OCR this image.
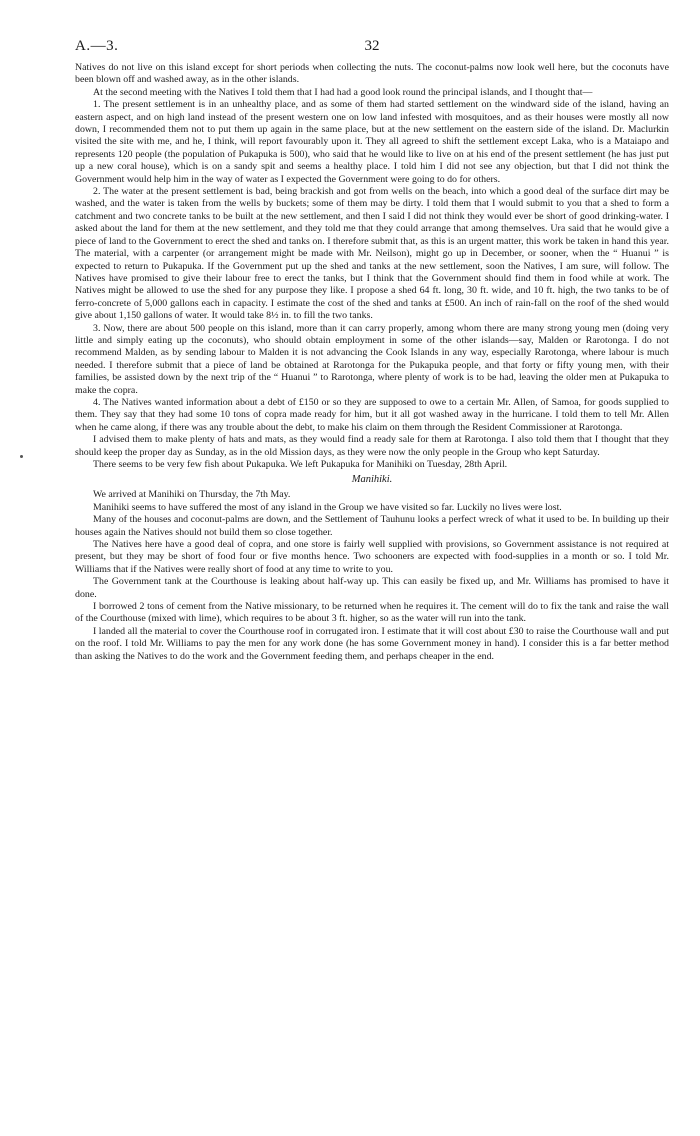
32
A.—3.

Natives do not live on this island except for short periods when collecting the nuts. The coconut-palms now look well here, but the coconuts have been blown off and washed away, as in the other islands.

At the second meeting with the Natives I told them that I had had a good look round the principal islands, and I thought that—

1. The present settlement is in an unhealthy place, and as some of them had started settlement on the windward side of the island, having an eastern aspect, and on high land instead of the present western one on low land infested with mosquitoes, and as their houses were mostly all now down, I recommended them not to put them up again in the same place, but at the new settlement on the eastern side of the island. Dr. Maclurkin visited the site with me, and he, I think, will report favourably upon it. They all agreed to shift the settlement except Laka, who is a Mataiapo and represents 120 people (the population of Pukapuka is 500), who said that he would like to live on at his end of the present settlement (he has just put up a new coral house), which is on a sandy spit and seems a healthy place. I told him I did not see any objection, but that I did not think the Government would help him in the way of water as I expected the Government were going to do for others.

2. The water at the present settlement is bad, being brackish and got from wells on the beach, into which a good deal of the surface dirt may be washed, and the water is taken from the wells by buckets; some of them may be dirty. I told them that I would submit to you that a shed to form a catchment and two concrete tanks to be built at the new settlement, and then I said I did not think they would ever be short of good drinking-water. I asked about the land for them at the new settlement, and they told me that they could arrange that among themselves. Ura said that he would give a piece of land to the Government to erect the shed and tanks on. I therefore submit that, as this is an urgent matter, this work be taken in hand this year. The material, with a carpenter (or arrangement might be made with Mr. Neilson), might go up in December, or sooner, when the “ Huanui ” is expected to return to Pukapuka. If the Government put up the shed and tanks at the new settlement, soon the Natives, I am sure, will follow. The Natives have promised to give their labour free to erect the tanks, but I think that the Government should find them in food while at work. The Natives might be allowed to use the shed for any purpose they like. I propose a shed 64 ft. long, 30 ft. wide, and 10 ft. high, the two tanks to be of ferro-concrete of 5,000 gallons each in capacity. I estimate the cost of the shed and tanks at £500. An inch of rain-fall on the roof of the shed would give about 1,150 gallons of water. It would take 8½ in. to fill the two tanks.

3. Now, there are about 500 people on this island, more than it can carry properly, among whom there are many strong young men (doing very little and simply eating up the coconuts), who should obtain employment in some of the other islands—say, Malden or Rarotonga. I do not recommend Malden, as by sending labour to Malden it is not advancing the Cook Islands in any way, especially Rarotonga, where labour is much needed. I therefore submit that a piece of land be obtained at Rarotonga for the Pukapuka people, and that forty or fifty young men, with their families, be assisted down by the next trip of the “ Huanui ” to Rarotonga, where plenty of work is to be had, leaving the older men at Pukapuka to make the copra.

4. The Natives wanted information about a debt of £150 or so they are supposed to owe to a certain Mr. Allen, of Samoa, for goods supplied to them. They say that they had some 10 tons of copra made ready for him, but it all got washed away in the hurricane. I told them to tell Mr. Allen when he came along, if there was any trouble about the debt, to make his claim on them through the Resident Commissioner at Rarotonga.

I advised them to make plenty of hats and mats, as they would find a ready sale for them at Rarotonga. I also told them that I thought that they should keep the proper day as Sunday, as in the old Mission days, as they were now the only people in the Group who kept Saturday.

There seems to be very few fish about Pukapuka. We left Pukapuka for Manihiki on Tuesday, 28th April.

Manihiki.

We arrived at Manihiki on Thursday, the 7th May.

Manihiki seems to have suffered the most of any island in the Group we have visited so far. Luckily no lives were lost.

Many of the houses and coconut-palms are down, and the Settlement of Tauhunu looks a perfect wreck of what it used to be. In building up their houses again the Natives should not build them so close together.

The Natives here have a good deal of copra, and one store is fairly well supplied with provisions, so Government assistance is not required at present, but they may be short of food four or five months hence. Two schooners are expected with food-supplies in a month or so. I told Mr. Williams that if the Natives were really short of food at any time to write to you.

The Government tank at the Courthouse is leaking about half-way up. This can easily be fixed up, and Mr. Williams has promised to have it done.

I borrowed 2 tons of cement from the Native missionary, to be returned when he requires it. The cement will do to fix the tank and raise the wall of the Courthouse (mixed with lime), which requires to be about 3 ft. higher, so as the water will run into the tank.

I landed all the material to cover the Courthouse roof in corrugated iron. I estimate that it will cost about £30 to raise the Courthouse wall and put on the roof. I told Mr. Williams to pay the men for any work done (he has some Government money in hand). I consider this is a far better method than asking the Natives to do the work and the Government feeding them, and perhaps cheaper in the end.
